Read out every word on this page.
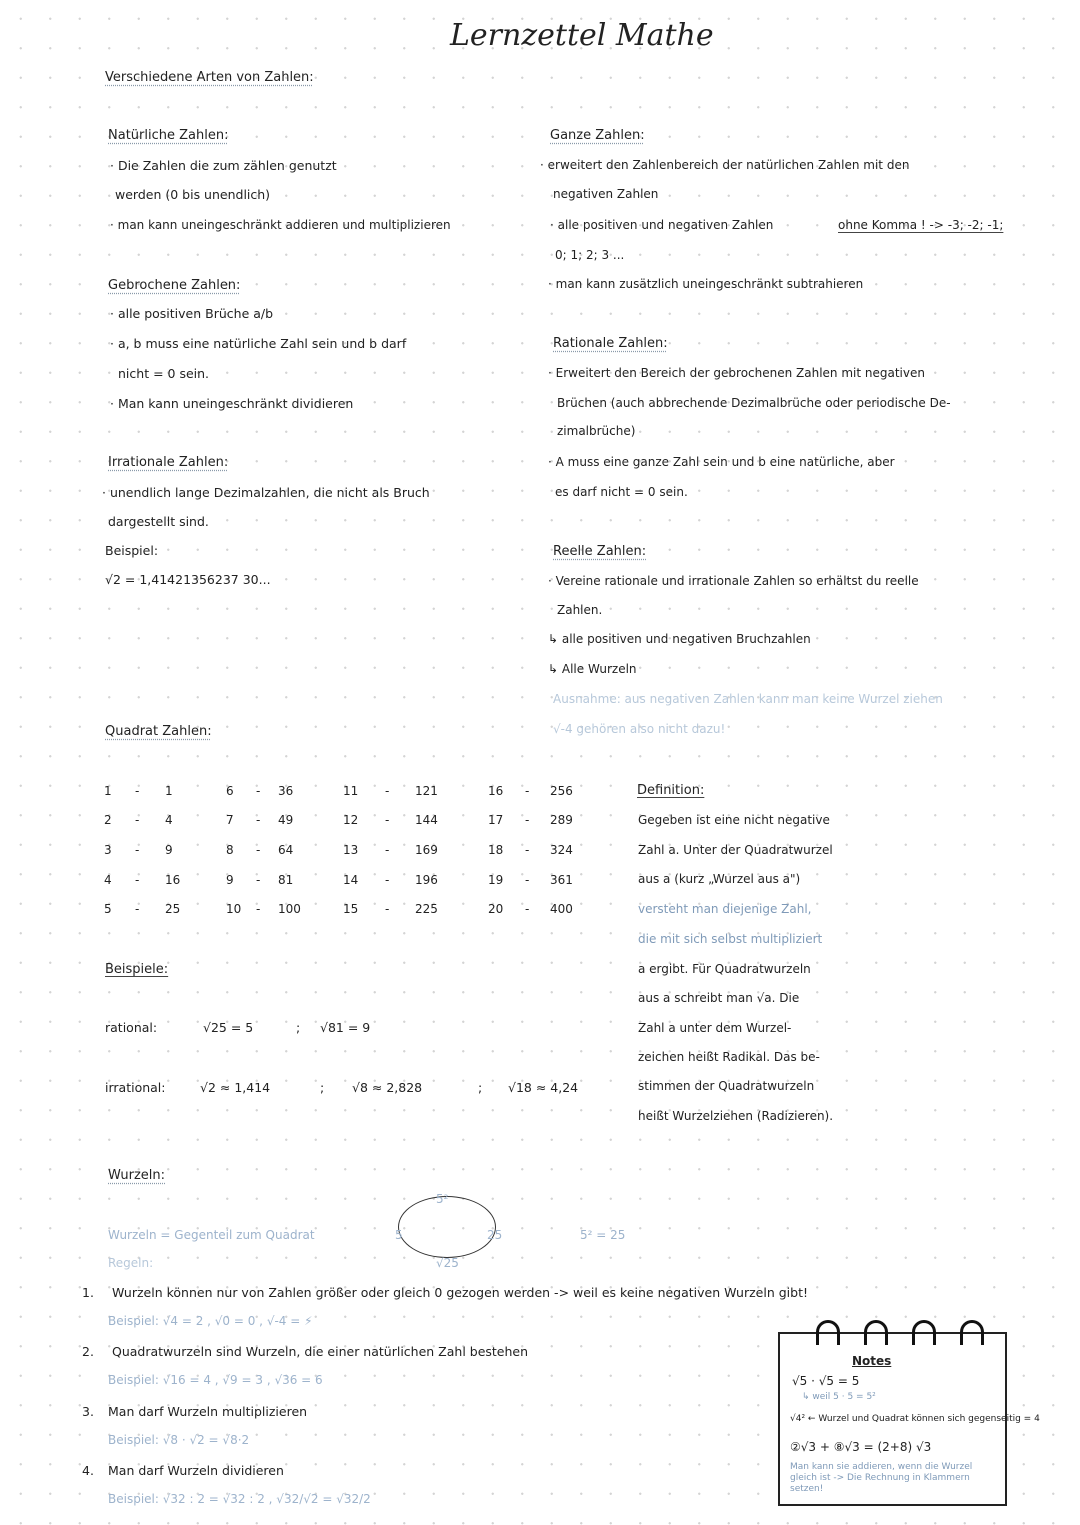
Lernzettel Mathe
Verschiedene Arten von Zahlen:
Natürliche Zahlen:
· Die Zahlen die zum zählen genutzt
werden (0 bis unendlich)
· man kann uneingeschränkt addieren und multiplizieren
Gebrochene Zahlen:
· alle positiven Brüche a/b
· a, b muss eine natürliche Zahl sein und b darf
nicht = 0 sein.
· Man kann uneingeschränkt dividieren
Irrationale Zahlen:
· unendlich lange Dezimalzahlen, die nicht als Bruch
dargestellt sind.
Beispiel:
√2 = 1,41421356237 30...
Ganze Zahlen:
· erweitert den Zahlenbereich der natürlichen Zahlen mit den
negativen Zahlen
· alle positiven und negativen Zahlen	ohne Komma ! -> -3; -2; -1;
0; 1; 2; 3 ...
· man kann zusätzlich uneingeschränkt subtrahieren
Rationale Zahlen:
· Erweitert den Bereich der gebrochenen Zahlen mit negativen
Brüchen (auch abbrechende Dezimalbrüche oder periodische De-
zimalbrüche)
· A muss eine ganze Zahl sein und b eine natürliche, aber
es darf nicht = 0 sein.
Reelle Zahlen:
· Vereine rationale und irrationale Zahlen so erhältst du reelle
Zahlen.
↳ alle positiven und negativen Bruchzahlen
↳ Alle Wurzeln
Ausnahme: aus negativen Zahlen kann man keine Wurzel ziehen
√-4 gehören also nicht dazu!
Quadrat Zahlen:
1 - 1
2 - 4
3 - 9
4 - 16
5 - 25
6 - 36
7 - 49
8 - 64
9 - 81
10 - 100
11 - 121
12 - 144
13 - 169
14 - 196
15 - 225
16 - 256
17 - 289
18 - 324
19 - 361
20 - 400
Definition:
Gegeben ist eine nicht negative
Zahl a. Unter der Quadratwurzel
aus a (kurz „Wurzel aus a")
versteht man diejenige Zahl,
die mit sich selbst multipliziert
a ergibt. Für Quadratwurzeln
aus a schreibt man √a. Die
Zahl a unter dem Wurzel-
zeichen heißt Radikal. Das be-
stimmen der Quadratwurzeln
heißt Wurzelziehen (Radizieren).
Beispiele:
rational:	√25 = 5	; √81 = 9
irrational:	√2 ≈ 1,414	; √8 ≈ 2,828	; √18 ≈ 4,24
Wurzeln:
Wurzeln = Gegenteil zum Quadrat
5²
5	25
√25
5² = 25
Regeln:
1. Wurzeln können nur von Zahlen größer oder gleich 0 gezogen werden -> weil es keine negativen Wurzeln gibt!
Beispiel: √4 = 2 , √0 = 0 , √-4 = ⚡
2. Quadratwurzeln sind Wurzeln, die einer natürlichen Zahl bestehen
Beispiel: √16 = 4 , √9 = 3 , √36 = 6
3. Man darf Wurzeln multiplizieren
Beispiel: √8 · √2 = √8·2
4. Man darf Wurzeln dividieren
Beispiel: √32 : 2 = √32 : 2 , √32/√2 = √32/2
Notes
√5 · √5 = 5
↳ weil 5 · 5 = 5²
√4² ← Wurzel und Quadrat können sich gegenseitig = 4
②√3 + ⑧√3 = (2+8) √3
Man kann sie addieren, wenn die Wurzel gleich ist -> Die Rechnung in Klammern setzen!
